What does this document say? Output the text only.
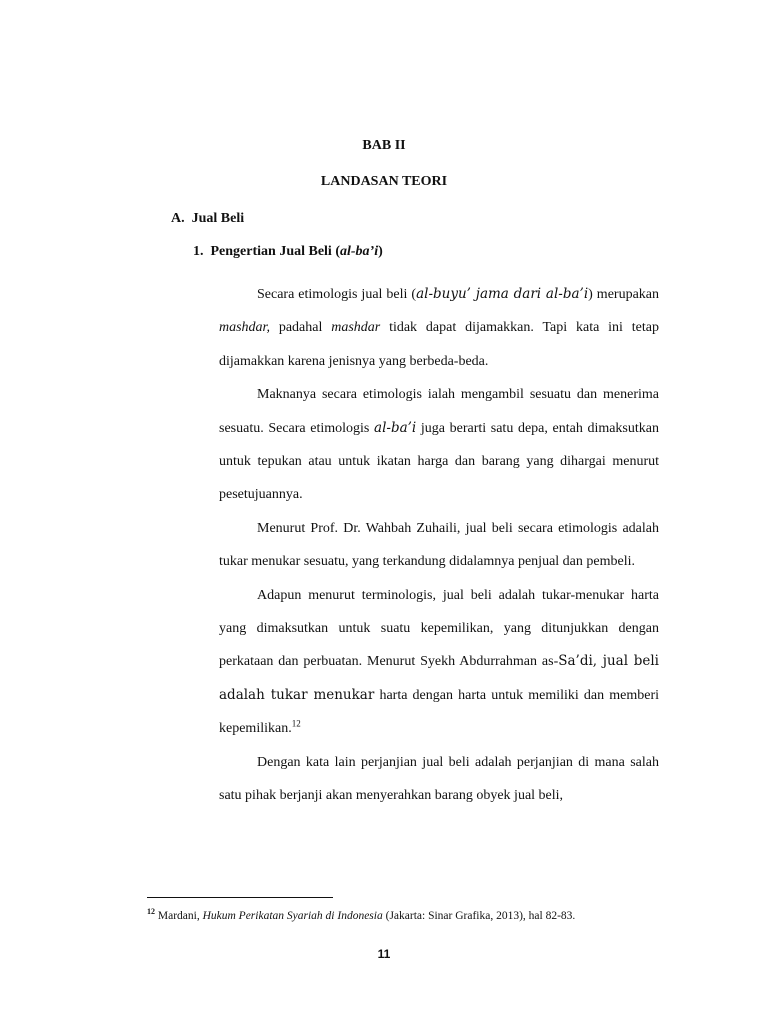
BAB II
LANDASAN TEORI
A. Jual Beli
1. Pengertian Jual Beli (al-ba’i)

Secara etimologis jual beli (al-buyu’ jama dari al-ba’i) merupakan mashdar, padahal mashdar tidak dapat dijamakkan. Tapi kata ini tetap dijamakkan karena jenisnya yang berbeda-beda.

Maknanya secara etimologis ialah mengambil sesuatu dan menerima sesuatu. Secara etimologis al-ba’i juga berarti satu depa, entah dimaksutkan untuk tepukan atau untuk ikatan harga dan barang yang dihargai menurut pesetujuannya.

Menurut Prof. Dr. Wahbah Zuhaili, jual beli secara etimologis adalah tukar menukar sesuatu, yang terkandung didalamnya penjual dan pembeli.

Adapun menurut terminologis, jual beli adalah tukar-menukar harta yang dimaksutkan untuk suatu kepemilikan, yang ditunjukkan dengan perkataan dan perbuatan. Menurut Syekh Abdurrahman as-Sa’di, jual beli adalah tukar menukar harta dengan harta untuk memiliki dan memberi kepemilikan.$^{12}$

Dengan kata lain perjanjian jual beli adalah perjanjian di mana salah satu pihak berjanji akan menyerahkan barang obyek jual beli,

$^{12}$ Mardani, Hukum Perikatan Syariah di Indonesia (Jakarta: Sinar Grafika, 2013), hal 82-83.
11
